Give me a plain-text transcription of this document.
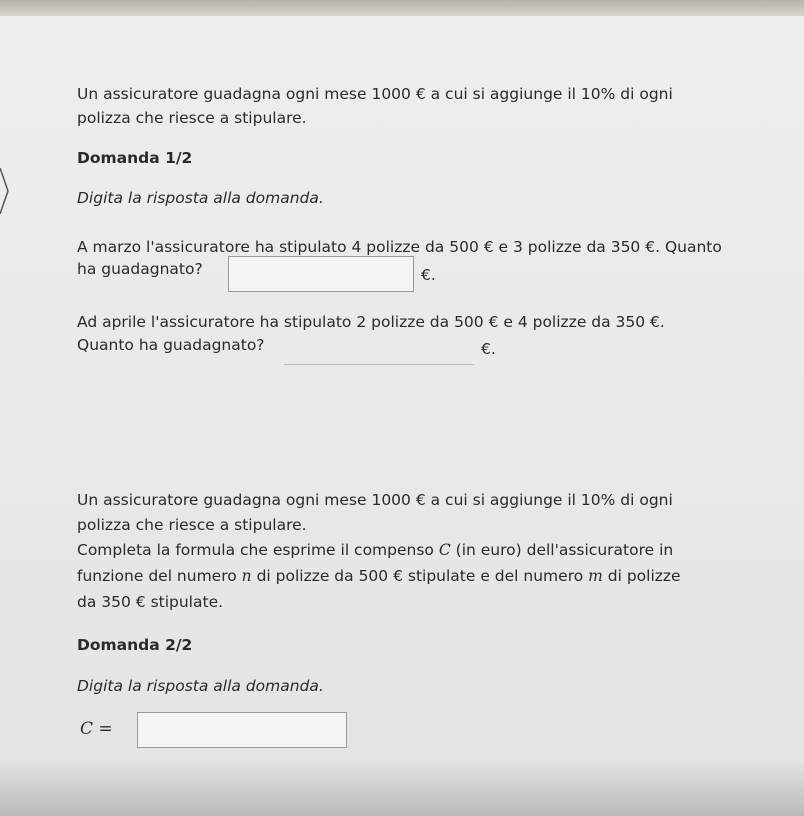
Un assicuratore guadagna ogni mese 1000 € a cui si aggiunge il 10% di ogni
polizza che riesce a stipulare.
Domanda 1/2
Digita la risposta alla domanda.
A marzo l'assicuratore ha stipulato 4 polizze da 500 € e 3 polizze da 350 €. Quanto
ha guadagnato?	€.
Ad aprile l'assicuratore ha stipulato 2 polizze da 500 € e 4 polizze da 350 €.
Quanto ha guadagnato?	€.
Un assicuratore guadagna ogni mese 1000 € a cui si aggiunge il 10% di ogni
polizza che riesce a stipulare.
Completa la formula che esprime il compenso C (in euro) dell'assicuratore in
funzione del numero n di polizze da 500 € stipulate e del numero m di polizze
da 350 € stipulate.
Domanda 2/2
Digita la risposta alla domanda.
C =
